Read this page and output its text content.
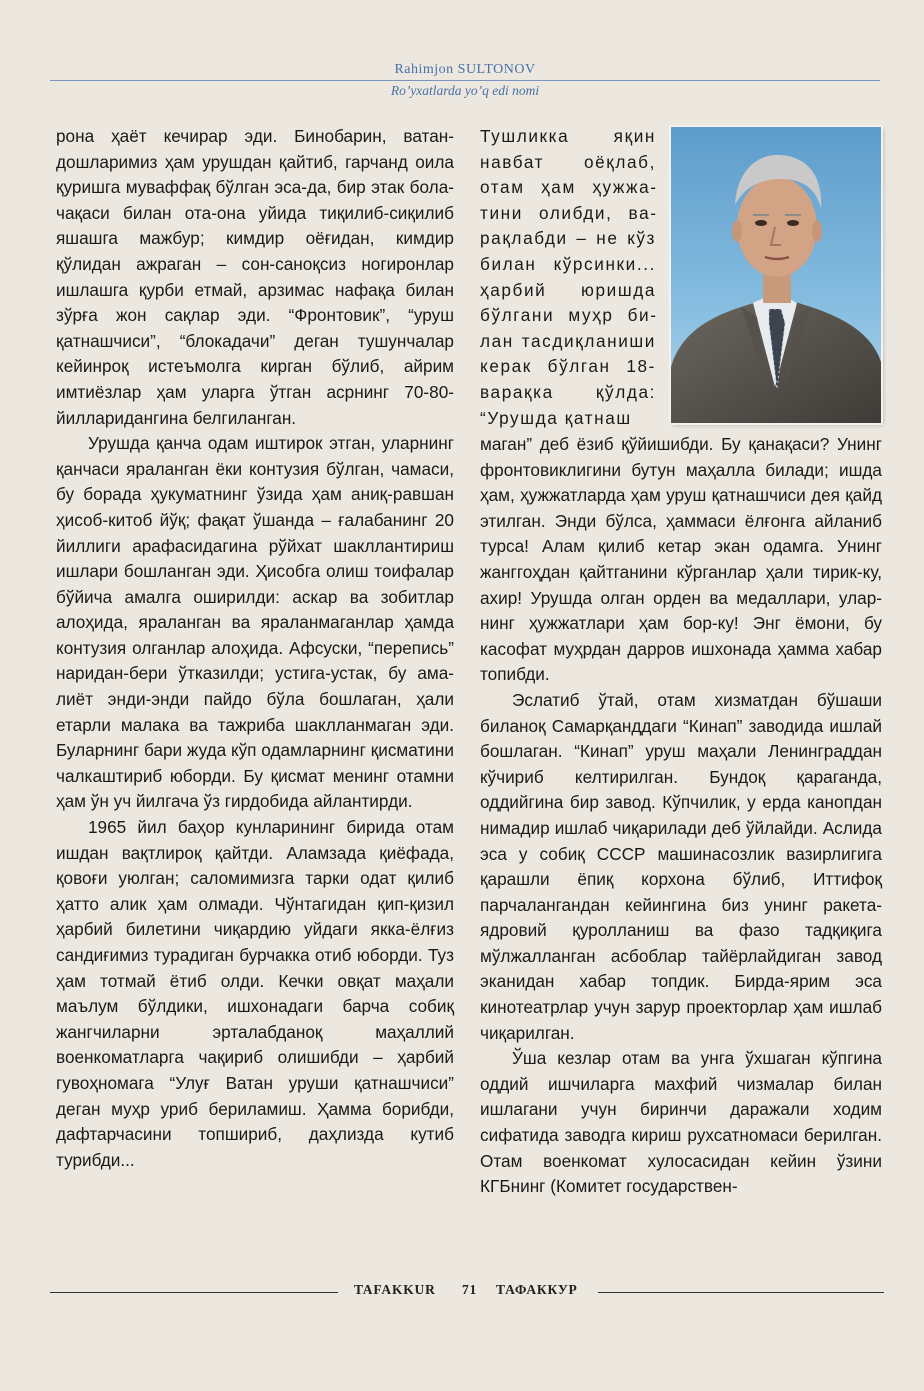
Rahimjon SULTONOV
Ro’yxatlarda yo’q edi nomi

рона ҳаёт кечирар эди. Бинобарин, ватандошларимиз ҳам урушдан қайтиб, гарчанд оила қуришга муваффақ бўлган эса-да, бир этак бола-чақаси билан ота-она уйида тиқилиб-сиқилиб яшашга мажбур; кимдир оёғидан, кимдир қўлидан ажраган – сон-саноқсиз ногиронлар ишлашга қурби етмай, арзимас нафақа билан зўрға жон сақлар эди. “Фронтовик”, “уруш қатнашчиси”, “блокадачи” деган тушунчалар кейинроқ истеъмолга кирган бўлиб, айрим имтиёзлар ҳам уларга ўтган асрнинг 70-80-йилларидангина белгиланган.

Урушда қанча одам иштирок этган, уларнинг қанчаси яраланган ёки контузия бўлган, чамаси, бу борада ҳукуматнинг ўзида ҳам аниқ-равшан ҳисоб-китоб йўқ; фақат ўшанда – ғалабанинг 20 йиллиги арафасидагина рўйхат шакллантириш ишлари бошланган эди. Ҳисобга олиш тоифалар бўйича амалга оширилди: аскар ва зобитлар алоҳида, яраланган ва яраланмаганлар ҳамда контузия олганлар алоҳида. Афсуски, “перепись” наридан-бери ўтказилди; устига-устак, бу амалиёт энди-энди пайдо бўла бошлаган, ҳали етарли малака ва тажриба шаклланмаган эди. Буларнинг бари жуда кўп одамларнинг қисматини чалкаштириб юборди. Бу қисмат менинг отамни ҳам ўн уч йилгача ўз гирдобида айлантирди.

1965 йил баҳор кунларининг бирида отам ишдан вақтлироқ қайтди. Аламзада қиёфада, қовоғи уюлган; саломимизга тарки одат қилиб ҳатто алик ҳам олмади. Чўнтагидан қип-қизил ҳарбий билетини чиқардию уйдаги якка-ёлғиз сандиғимиз турадиган бурчакка отиб юборди. Туз ҳам тотмай ётиб олди. Кечки овқат маҳали маълум бўлдики, ишхонадаги барча собиқ жангчиларни эрталабданоқ маҳаллий военкоматларга чақириб олишибди – ҳарбий гувоҳномага “Улуғ Ватан уруши қатнашчиси” деган муҳр уриб бериламиш. Ҳамма борибди, дафтарчасини топшириб, даҳлизда кутиб турибди...

Тушликка яқин навбат оёқлаб, отам ҳам ҳужжатини олибди, варақлабди – не кўз билан кўрсинки... ҳарбий юришда бўлгани муҳр билан тасдиқланиши керак бўлган 18-варақка қўлда: “Урушда қатнаш

маган” деб ёзиб қўйишибди. Бу қанақаси? Унинг фронтовиклигини бутун маҳалла билади; ишда ҳам, ҳужжатларда ҳам уруш қатнашчиси дея қайд этилган. Энди бўлса, ҳаммаси ёлғонга айланиб турса! Алам қилиб кетар экан одамга. Унинг жанггоҳдан қайтганини кўрганлар ҳали тирик-ку, ахир! Урушда олган орден ва медаллари, уларнинг ҳужжатлари ҳам бор-ку! Энг ёмони, бу касофат муҳрдан дарров ишхонада ҳамма хабар топибди.

Эслатиб ўтай, отам хизматдан бўшаши биланоқ Самарқанддаги “Кинап” заводида ишлай бошлаган. “Кинап” уруш маҳали Ленинграддан кўчириб келтирилган. Бундоқ қараганда, оддийгина бир завод. Кўпчилик, у ерда канопдан нимадир ишлаб чиқарилади деб ўйлайди. Аслида эса у собиқ СССР машинасозлик вазирлигига қарашли ёпиқ корхона бўлиб, Иттифоқ парчалангандан кейингина биз унинг ракета-ядровий қуролланиш ва фазо тадқиқига мўлжалланган асбоблар тайёрлайдиган завод эканидан хабар топдик. Бирда-ярим эса кинотеатрлар учун зарур проекторлар ҳам ишлаб чиқарилган.

Ўша кезлар отам ва унга ўхшаган кўпгина оддий ишчиларга махфий чизмалар билан ишлагани учун биринчи даражали ходим сифатида заводга кириш рухсатномаси берилган. Отам военкомат хулосасидан кейин ўзини КГБнинг (Комитет государствен-

TAFAKKUR 71 ТАФАККУР
